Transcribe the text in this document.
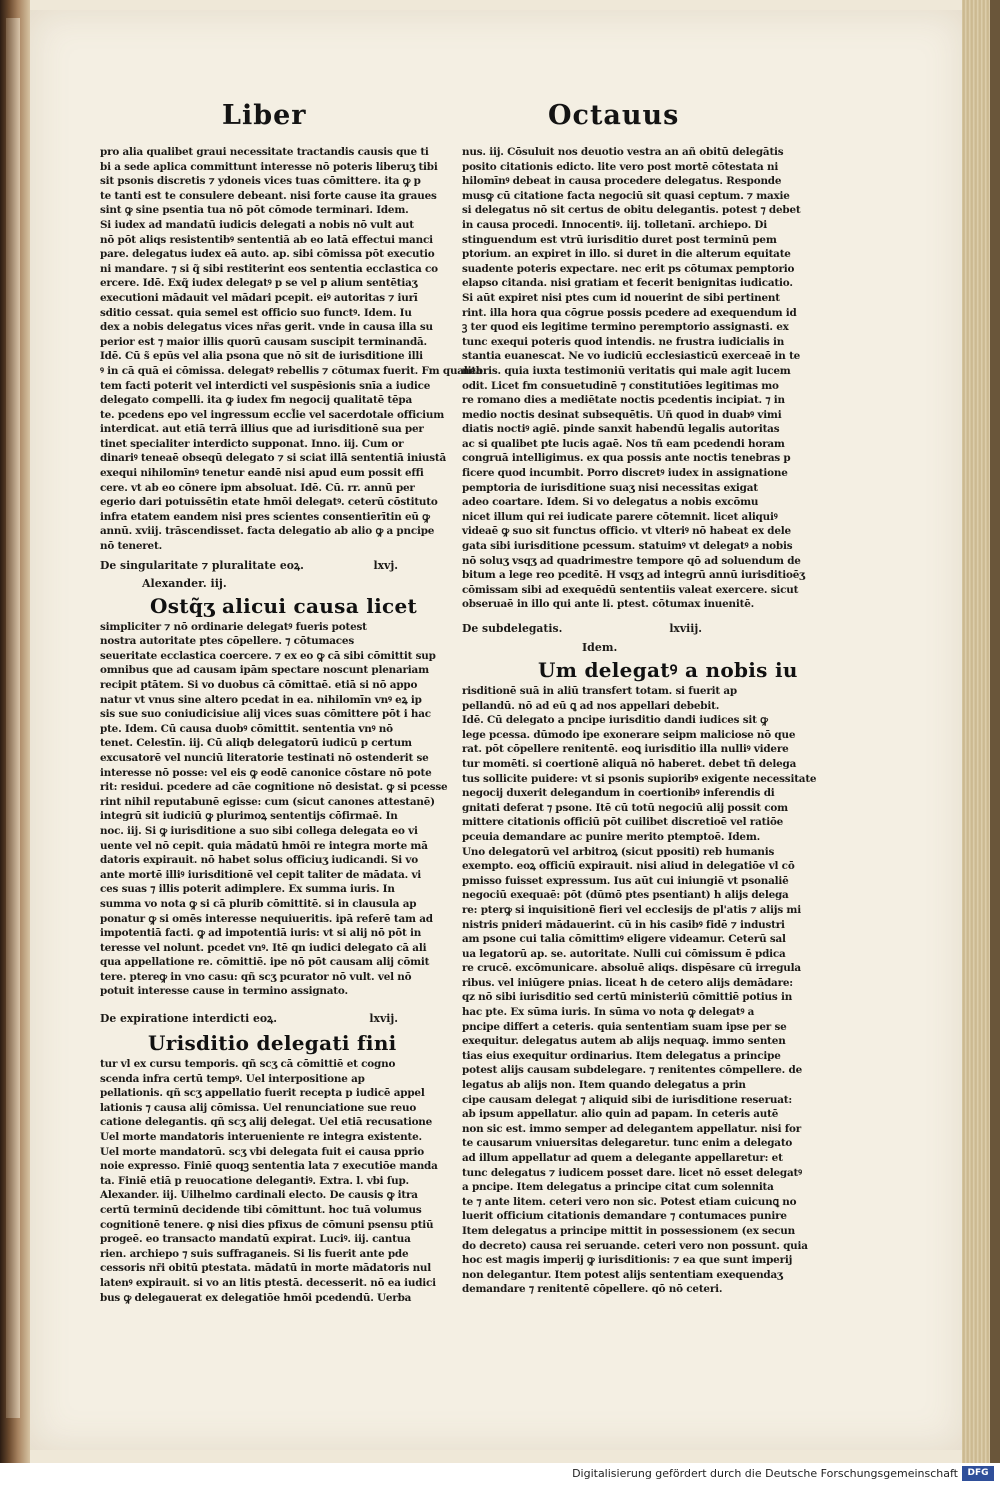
Liber	Octauus
pro alia qualibet graui necessitate tractandis causis que ti
bi a sede aplica committunt interesse nō poteris liberuʒ tibi
sit psonis discretis ⁊ ydoneis vices tuas cōmittere. ita ꝙ p
te tanti est te consulere debeant. nisi forte cause ita graues
sint ꝙ sine psentia tua nō pōt cōmode terminari. Idem.
Si iudex ad mandatū iudicis delegati a nobis nō vult aut
nō pōt aliqs resistentibꝰ sententiā ab eo latā effectui manci
pare. delegatus iudex eā auto. ap. sibi cōmissa pōt executio
ni mandare. ⁊ si q̃ sibi restiterint eos sententia ecclastica co
ercere. Idē. Exq̃ iudex delegatꝰ p se vel p alium sentētiaʒ
executioni mādauit vel mādari pcepit. eiꝰ autoritas ⁊ iurī
sditio cessat. quia semel est officio suo functꝰ. Idem. Iu
dex a nobis delegatus vices nr̃as gerit. vnde in causa illa su
perior est ⁊ maior illis quorū causam suscipit terminandā.
Idē. Cū s̃ epūs vel alia psona que nō sit de iurisditione illi
ꝰ in cā quā ei cōmissa. delegatꝰ rebellis ⁊ cōtumax fuerit. Fm qualita
tem facti poterit vel interdicti vel suspēsionis snīa a iudice
delegato compelli. ita ꝙ iudex fm negocij qualitatē tēpa
te. pcedens epo vel ingressum eccl̃ie vel sacerdotale officium
interdicat. aut etiā terrā illius que ad iurisditionē sua per
tinet specialiter interdicto supponat. Inno. iij. Cum or
dinariꝰ teneaē obseqū delegato ⁊ si sciat illā sententiā iniustā
exequi nihilomīnꝰ tenetur eandē nisi apud eum possit effi
cere. vt ab eo cōnere ipm absoluat. Idē. Cū. rr. annū per
egerio dari potuissētin etate hmōi delegatꝰ. ceterū cōstituto
infra etatem eandem nisi pres scientes consentierītin eū ꝙ
annū. xviij. trāscendisset. facta delegatio ab alio ꝙ a pncipe
nō teneret.
De singularitate ⁊ pluralitate eoꝝ.	lxvj.
Alexander. iij.
Ostq̃ʒ alicui causa licet
simpliciter ⁊ nō ordinarie delegatꝰ fueris potest
nostra autoritate ptes cōpellere. ⁊ cōtumaces
seueritate ecclastica coercere. ⁊ ex eo ꝙ cā sibi cōmittit sup
omnibus que ad causam ipām spectare noscunt plenariam
recipit ptātem. Si vo duobus cā cōmittaē. etiā si nō appo
natur vt vnus sine altero pcedat in ea. nihilomīn vnꝰ eꝝ ip
sis sue suo coniudicisiue alij vices suas cōmittere pōt i hac
pte. Idem. Cū causa duobꝰ cōmittit. sententia vnꝰ nō
tenet. Celestīn. iij. Cū aliqb delegatorū iudicū p certum
excusatorē vel nunciū literatorie testinati nō ostenderit se
interesse nō posse: vel eis ꝙ eodē canonice cōstare nō pote
rit: residui. pcedere ad cāe cognitione nō desistat. ꝙ si pcesse
rint nihil reputabunē egisse: cum (sicut canones attestanē)
integrū sit iudiciū ꝙ plurimoꝝ sententijs cōfirmaē. In
noc. iij. Si ꝙ iurisditione a suo sibi collega delegata eo vi
uente vel nō cepit. quia mādatū hmōi re integra morte mā
datoris expirauit. nō habet solus officiuʒ iudicandi. Si vo
ante mortē illiꝰ iurisditionē vel cepit taliter de mādata. vi
ces suas ⁊ illis poterit adimplere. Ex summa iuris. In
summa vo nota ꝙ si cā plurib cōmittitē. si in clausula ap
ponatur ꝙ si omēs interesse nequiueritis. ipā referē tam ad
impotentiā facti. ꝙ ad impotentiā iuris: vt si alij nō pōt in
teresse vel nolunt. pcedet vnꝰ. Itē qn iudici delegato cā ali
qua appellatione re. cōmittiē. ipe nō pōt causam alij cōmit
tere. ptereꝙ in vno casu: qñ scʒ pcurator nō vult. vel nō
potuit interesse cause in termino assignato.
De expiratione interdicti eoꝝ.	lxvij.
Urisditio delegati fini
tur vl ex cursu temporis. qñ scʒ cā cōmittiē et cogno
scenda infra certū tempꝰ. Uel interpositione ap
pellationis. qñ scʒ appellatio fuerit recepta p iudicē appel
lationis ⁊ causa alij cōmissa. Uel renunciatione sue reuo
catione delegantis. qñ scʒ alij delegat. Uel etiā recusatione
Uel morte mandatoris interueniente re integra existente.
Uel morte mandatorū. scʒ vbi delegata fuit ei causa pprio
noie expresso. Finiē quoqꝫ sententia lata ⁊ executiōe manda
ta. Finiē etiā p reuocatione delegantiꝰ. Extra. l. vbi ſup.
Alexander. iij. Uilhelmo cardinali electo. De causis ꝙ itra
certū terminū decidende tibi cōmittunt. hoc tuā volumus
cognitionē tenere. ꝙ nisi dies pfixus de cōmuni psensu ptiū
progeē. eo transacto mandatū expirat. Luciꝰ. iij. cantua
rien. archiepo ⁊ suis suffraganeis. Si lis fuerit ante pde
cessoris nr̃i obitū ptestata. mādatū in morte mādatoris nul
latenꝰ expirauit. si vo an litis ptestā. decesserit. nō ea iudici
bus ꝙ delegauerat ex delegatiōe hmōi pcedendū. Uerba
nus. iij. Cōsuluit nos deuotio vestra an añ obitū delegātis
posito citationis edicto. lite vero post mortē cōtestata ni
hilomīnꝰ debeat in causa procedere delegatus. Responde
musꝙ cū citatione facta negociū sit quasi ceptum. ⁊ maxie
si delegatus nō sit certus de obitu delegantis. potest ⁊ debet
in causa procedi. Innocentiꝰ. iij. tolletanī. archiepo. Di
stinguendum est vtrū iurisditio duret post terminū pem
ptorium. an expiret in illo. si duret in die alterum equitate
suadente poteris expectare. nec erit ps cōtumax pemptorio
elapso citanda. nisi gratiam et fecerit benignitas iudicatio.
Si aūt expiret nisi ptes cum id nouerint de sibi pertinent
rint. illa hora qua cōgrue possis pcedere ad exequendum id
ꝫ ter quod eis legitime termino peremptorio assignasti. ex
tunc exequi poteris quod intendis. ne frustra iudicialis in
stantia euanescat. Ne vo iudiciū ecclesiasticū exerceaē in te
nebris. quia iuxta testimoniū veritatis qui male agit lucem
odit. Licet fm consuetudinē ⁊ constitutiōes legitimas mo
re romano dies a mediētate noctis pcedentis incipiat. ⁊ in
medio noctis desinat subsequētis. Uñ quod in duabꝰ vimi
diatis noctiꝰ agiē. pinde sanxit habendū legalis autoritas
ac si qualibet pte lucis agaē. Nos tñ eam pcedendi horam
congruā intelligimus. ex qua possis ante noctis tenebras p
ficere quod incumbit. Porro discretꝰ iudex in assignatione
pemptoria de iurisditione suaʒ nisi necessitas exigat
adeo coartare. Idem. Si vo delegatus a nobis excōmu
nicet illum qui rei iudicate parere cōtemnit. licet aliquiꝰ
videaē ꝙ suo sit functus officio. vt vlteriꝰ nō habeat ex dele
gata sibi iurisditione pcessum. statuimꝰ vt delegatꝰ a nobis
nō soluʒ vsqʒ ad quadrimestre tempore qō ad soluendum de
bitum a lege reo pceditē. H vsqʒ ad integrū annū iurisditioēʒ
cōmissam sibi ad exequēdū sententiis valeat exercere. sicut
obseruaē in illo qui ante li. ptest. cōtumax inuenitē.
De subdelegatis.	lxviij.
Idem.
Um delegatꝰ a nobis iu
risditionē suā in aliū transfert totam. si fuerit ap
pellandū. nō ad eū ꝗ ad nos appellari debebit.
Idē. Cū delegato a pncipe iurisditio dandi iudices sit ꝙ
lege pcessa. dūmodo ipe exonerare seipm maliciose nō que
rat. pōt cōpellere renitentē. eoꝗ iurisditio illa nulliꝰ videre
tur momēti. si coertionē aliquā nō haberet. debet tñ delega
tus sollicite puidere: vt si psonis supioribꝰ exigente necessitate
negocij duxerit delegandum in coertionibꝰ inferendis di
gnitati deferat ⁊ psone. Itē cū totū negociū alij possit com
mittere citationis officiū pōt cuilibet discretioē vel ratiōe
pceuia demandare ac punire merito ptemptoē. Idem.
Uno delegatorū vel arbitroꝝ (sicut ppositi) reb humanis
exempto. eoꝝ officiū expirauit. nisi aliud in delegatiōe vl cō
pmisso fuisset expressum. Ius aūt cui iniungiē vt psonaliē
negociū exequaē: pōt (dūmō ptes psentiant) h alijs delega
re: pterꝙ si inquisitionē fieri vel ecclesijs de pl'atis ⁊ alijs mi
nistris pnideri mādauerint. cū in his casibꝰ fidē ⁊ industri
am psone cui talia cōmittimꝰ eligere videamur. Ceterū sal
ua legatorū ap. se. autoritate. Nulli cui cōmissum ē pdica
re crucē. excōmunicare. absoluē aliqs. dispēsare cū irregula
ribus. vel iniūgere pnias. liceat h de cetero alijs demādare:
qz nō sibi iurisditio sed certū ministeriū cōmittiē potius in
hac pte. Ex sūma iuris. In sūma vo nota ꝙ delegatꝰ a
pncipe differt a ceteris. quia sententiam suam ipse per se
exequitur. delegatus autem ab alijs nequaꝙ. immo senten
tias eius exequitur ordinarius. Item delegatus a principe
potest alijs causam subdelegare. ⁊ renitentes cōmpellere. de
legatus ab alijs non. Item quando delegatus a prin
cipe causam delegat ⁊ aliquid sibi de iurisditione reseruat:
ab ipsum appellatur. alio quin ad papam. In ceteris autē
non sic est. immo semper ad delegantem appellatur. nisi for
te causarum vniuersitas delegaretur. tunc enim a delegato
ad illum appellatur ad quem a delegante appellaretur: et
tunc delegatus ⁊ iudicem posset dare. licet nō esset delegatꝰ
a pncipe. Item delegatus a principe citat cum solennita
te ⁊ ante litem. ceteri vero non sic. Potest etiam cuicunꝗ no
luerit officium citationis demandare ⁊ contumaces punire
Item delegatus a principe mittit in possessionem (ex secun
do decreto) causa rei seruande. ceteri vero non possunt. quia
hoc est magis imperij ꝙ iurisditionis: ⁊ ea que sunt imperij
non delegantur. Item potest alijs sententiam exequendaʒ
demandare ⁊ renitentē cōpellere. qō nō ceteri.
Digitalisierung gefördert durch die Deutsche Forschungsgemeinschaft	DFG
